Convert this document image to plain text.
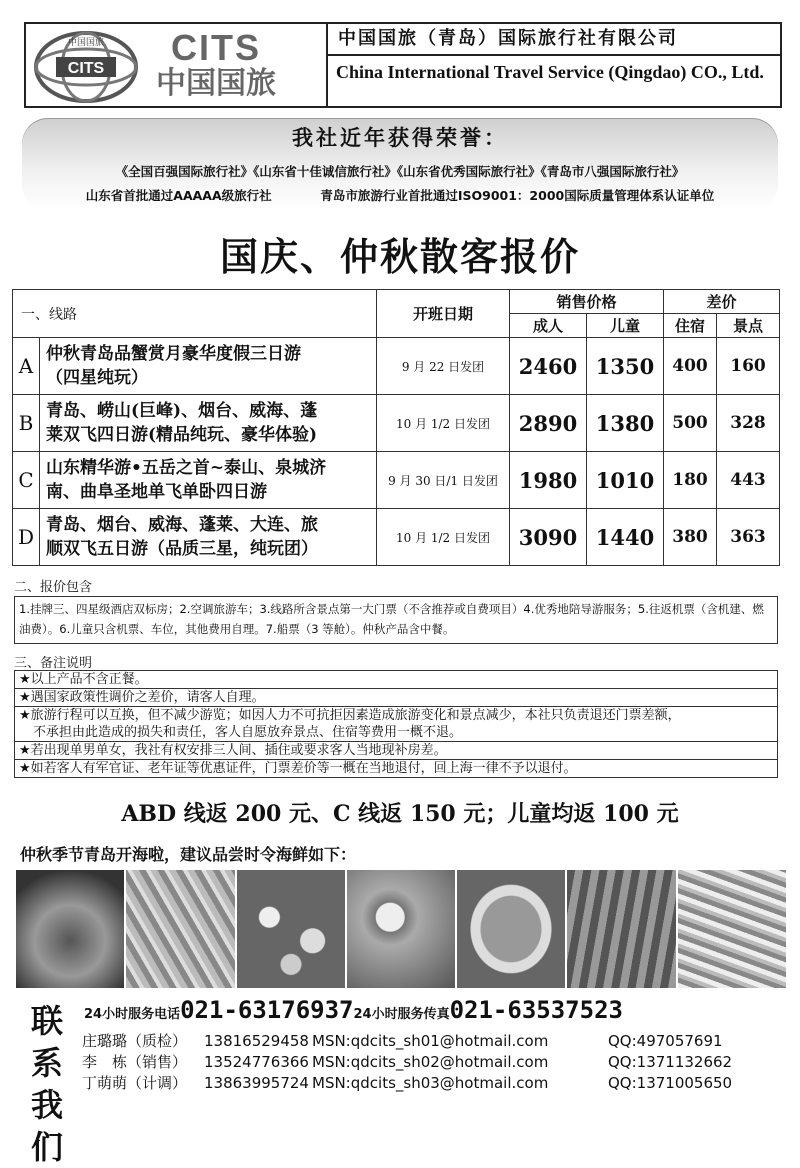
CITS
中国国旅 CITS
中国国旅
中国国旅（青岛）国际旅行社有限公司
China International Travel Service (Qingdao) CO., Ltd.
我社近年获得荣誉：
《全国百强国际旅行社》《山东省十佳诚信旅行社》《山东省优秀国际旅行社》《青岛市八强国际旅行社》
山东省首批通过AAAAA级旅行社	青岛市旅游行业首批通过ISO9001：2000国际质量管理体系认证单位
国庆、仲秋散客报价
一、线路		开班日期	销售价格		差价	
			成人	儿童	住宿	景点
A	仲秋青岛品蟹赏月豪华度假三日游
（四星纯玩）	9 月 22 日发团	2460	1350	400	160
B	青岛、崂山(巨峰)、烟台、威海、蓬
莱双飞四日游(精品纯玩、豪华体验)	10 月 1/2 日发团	2890	1380	500	328
C	山东精华游•五岳之首~泰山、泉城济
南、曲阜圣地单飞单卧四日游	9 月 30 日/1 日发团	1980	1010	180	443
D	青岛、烟台、威海、蓬莱、大连、旅
顺双飞五日游（品质三星，纯玩团）	10 月 1/2 日发团	3090	1440	380	363
二、报价包含
1.挂牌三、四星级酒店双标房；2.空调旅游车；3.线路所含景点第一大门票（不含推荐或自费项目）4.优秀地陪导游服务；5.往返机票（含机建、燃油费）。6.儿童只含机票、车位，其他费用自理。7.船票（3 等舱）。仲秋产品含中餐。
三、备注说明
★以上产品不含正餐。
★遇国家政策性调价之差价，请客人自理。
★旅游行程可以互换，但不减少游览；如因人力不可抗拒因素造成旅游变化和景点减少，本社只负责退还门票差额，
不承担由此造成的损失和责任，客人自愿放弃景点、住宿等费用一概不退。
★若出现单男单女，我社有权安排三人间、插住或要求客人当地现补房差。
★如若客人有军官证、老年证等优惠证件，门票差价等一概在当地退付，回上海一律不予以退付。
ABD 线返 200 元、C 线返 150 元；儿童均返 100 元
仲秋季节青岛开海啦，建议品尝时令海鲜如下：
联系
我们
24小时服务电话021-6317693724小时服务传真021-63537523
庄璐璐（质检） 13816529458 MSN:qdcits_sh01@hotmail.com	QQ:497057691
李　栋（销售） 13524776366 MSN:qdcits_sh02@hotmail.com	QQ:1371132662
丁萌萌（计调） 13863995724 MSN:qdcits_sh03@hotmail.com	QQ:1371005650
